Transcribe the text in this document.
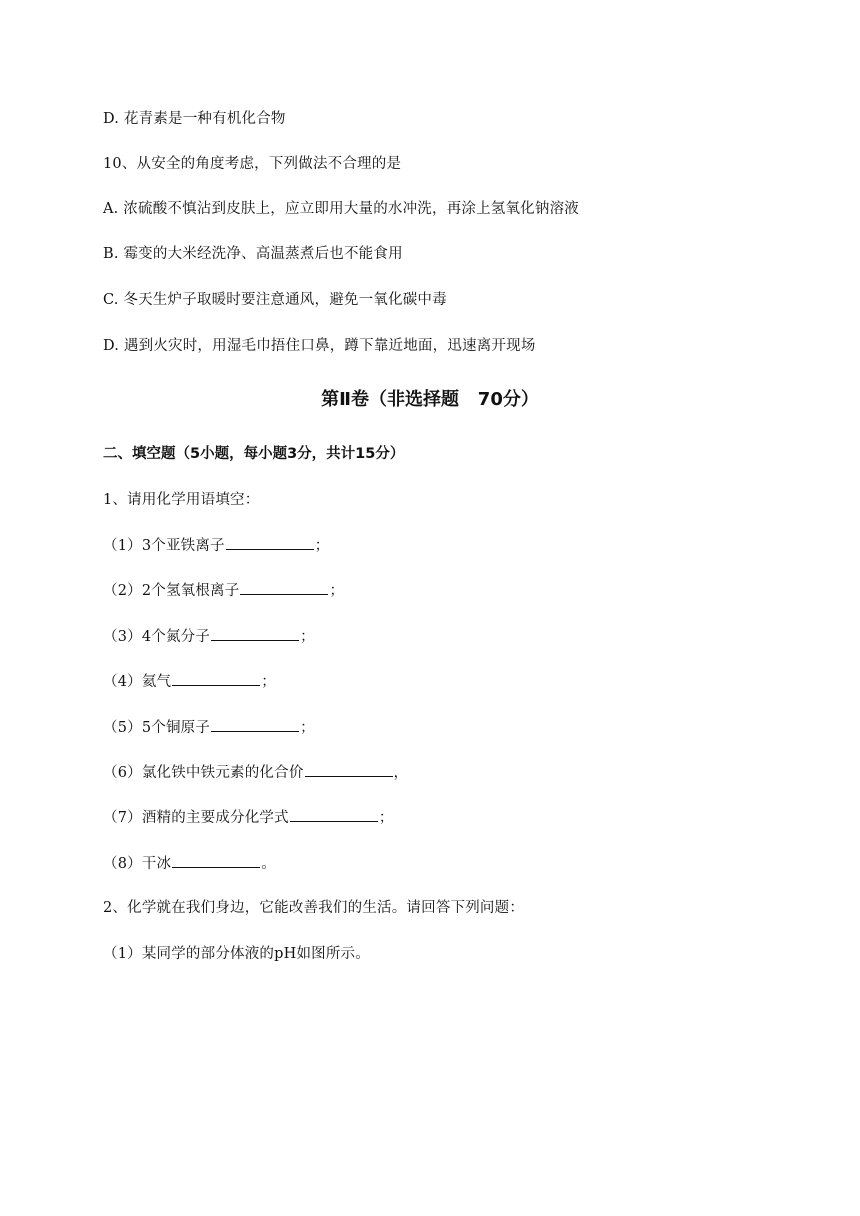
D. 花青素是一种有机化合物
10、从安全的角度考虑，下列做法不合理的是
A. 浓硫酸不慎沾到皮肤上，应立即用大量的水冲洗，再涂上氢氧化钠溶液
B. 霉变的大米经洗净、高温蒸煮后也不能食用
C. 冬天生炉子取暖时要注意通风，避免一氧化碳中毒
D. 遇到火灾时，用湿毛巾捂住口鼻，蹲下靠近地面，迅速离开现场
第Ⅱ卷（非选择题   70分）
二、填空题（5小题，每小题3分，共计15分）
1、请用化学用语填空：
（1）3个亚铁离子	；
（2）2个氢氧根离子	；
（3）4个氮分子	；
（4）氦气	；
（5）5个铜原子	；
（6）氯化铁中铁元素的化合价	，
（7）酒精的主要成分化学式	；
（8）干冰	。
2、化学就在我们身边，它能改善我们的生活。请回答下列问题：
（1）某同学的部分体液的pH如图所示。
